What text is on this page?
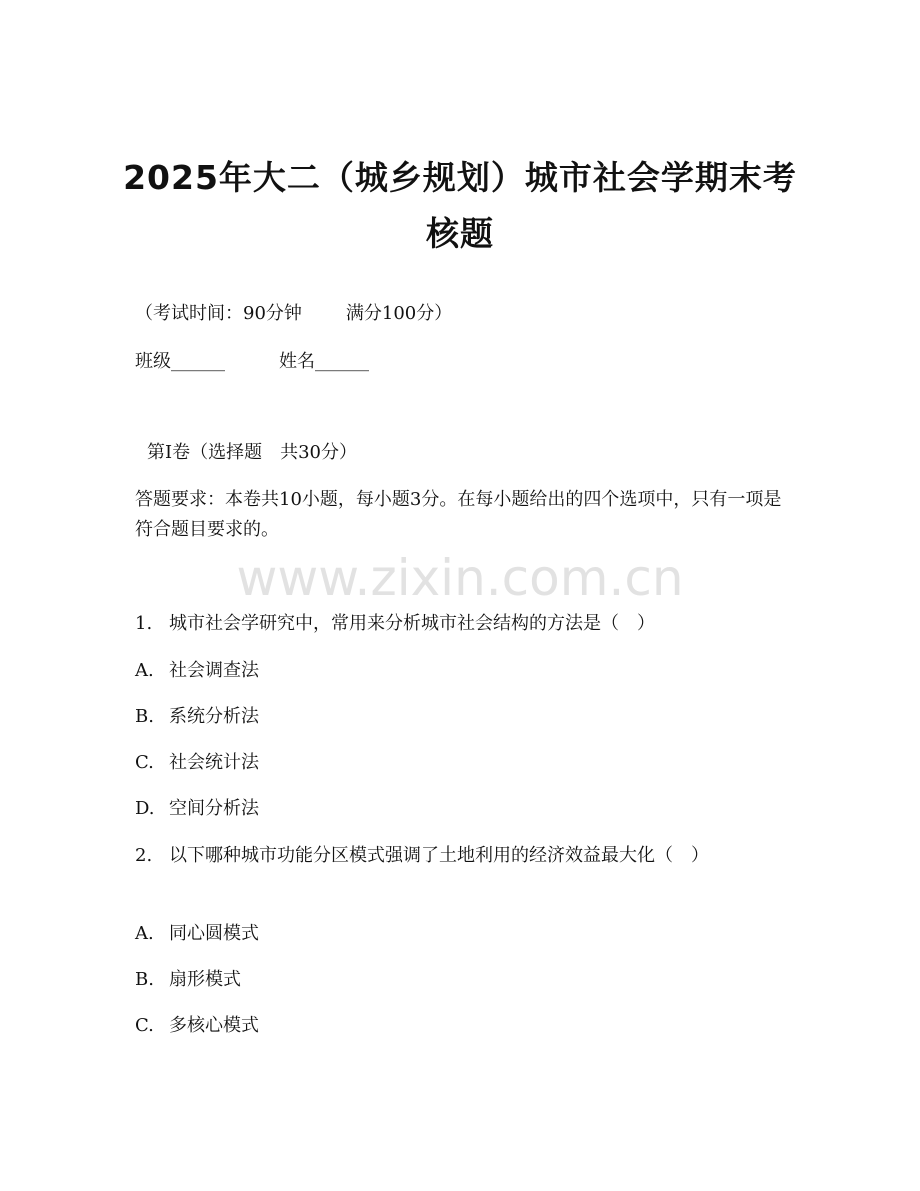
2025年大二（城乡规划）城市社会学期末考核题

（考试时间：90分钟 满分100分）

班级______	姓名______

第Ⅰ卷（选择题　共30分）

答题要求：本卷共10小题，每小题3分。在每小题给出的四个选项中，只有一项是符合题目要求的。

www.zixin.com.cn

1. 城市社会学研究中，常用来分析城市社会结构的方法是（　）

A. 社会调查法

B. 系统分析法

C. 社会统计法

D. 空间分析法

2. 以下哪种城市功能分区模式强调了土地利用的经济效益最大化（　）

A. 同心圆模式

B. 扇形模式

C. 多核心模式
